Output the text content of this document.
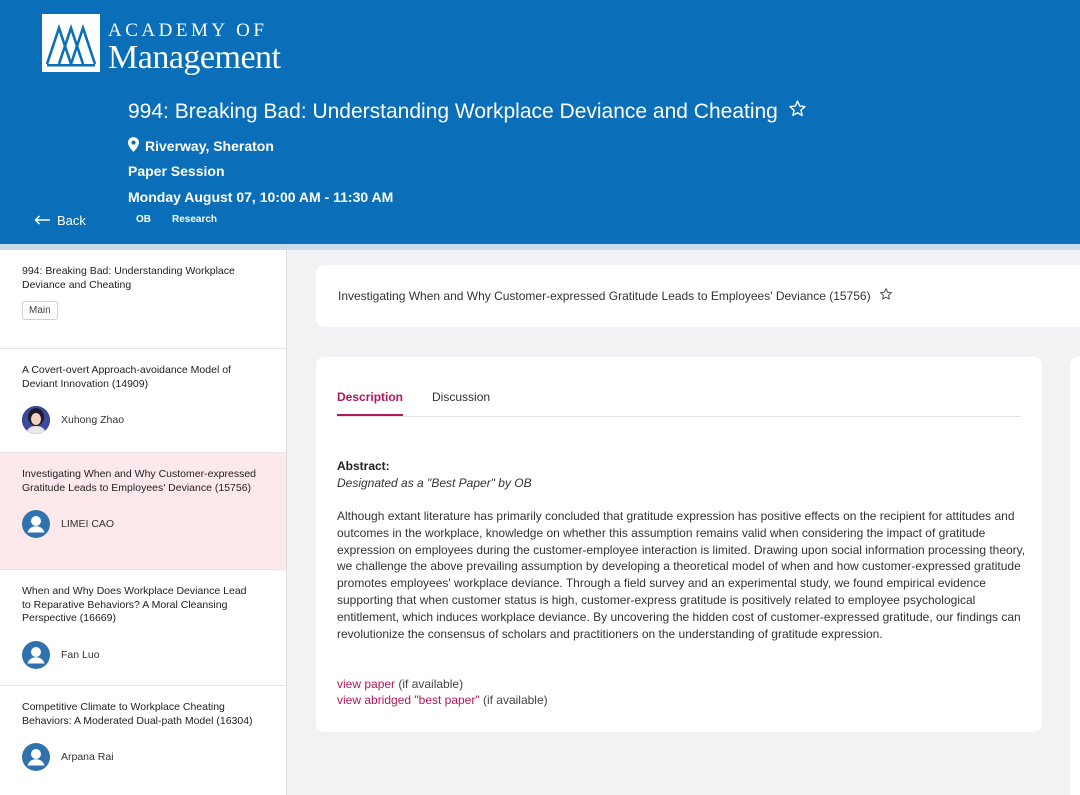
ACADEMY OF
Management
994: Breaking Bad: Understanding Workplace Deviance and Cheating
Riverway, Sheraton
Paper Session
Monday August 07, 10:00 AM - 11:30 AM
Back	OB Research
994: Breaking Bad: Understanding Workplace Deviance and Cheating
Main
A Covert-overt Approach-avoidance Model of Deviant Innovation (14909)
Xuhong Zhao
Investigating When and Why Customer-expressed Gratitude Leads to Employees' Deviance (15756)
LIMEI CAO
When and Why Does Workplace Deviance Lead to Reparative Behaviors? A Moral Cleansing Perspective (16669)
Fan Luo
Competitive Climate to Workplace Cheating Behaviors: A Moderated Dual-path Model (16304)
Arpana Rai
Investigating When and Why Customer-expressed Gratitude Leads to Employees' Deviance (15756)
Description Discussion
Abstract:
Designated as a "Best Paper" by OB
Although extant literature has primarily concluded that gratitude expression has positive effects on the recipient for attitudes and outcomes in the workplace, knowledge on whether this assumption remains valid when considering the impact of gratitude expression on employees during the customer-employee interaction is limited. Drawing upon social information processing theory, we challenge the above prevailing assumption by developing a theoretical model of when and how customer-expressed gratitude promotes employees' workplace deviance. Through a field survey and an experimental study, we found empirical evidence supporting that when customer status is high, customer-express gratitude is positively related to employee psychological entitlement, which induces workplace deviance. By uncovering the hidden cost of customer-expressed gratitude, our findings can revolutionize the consensus of scholars and practitioners on the understanding of gratitude expression.
view paper (if available)
view abridged "best paper" (if available)
